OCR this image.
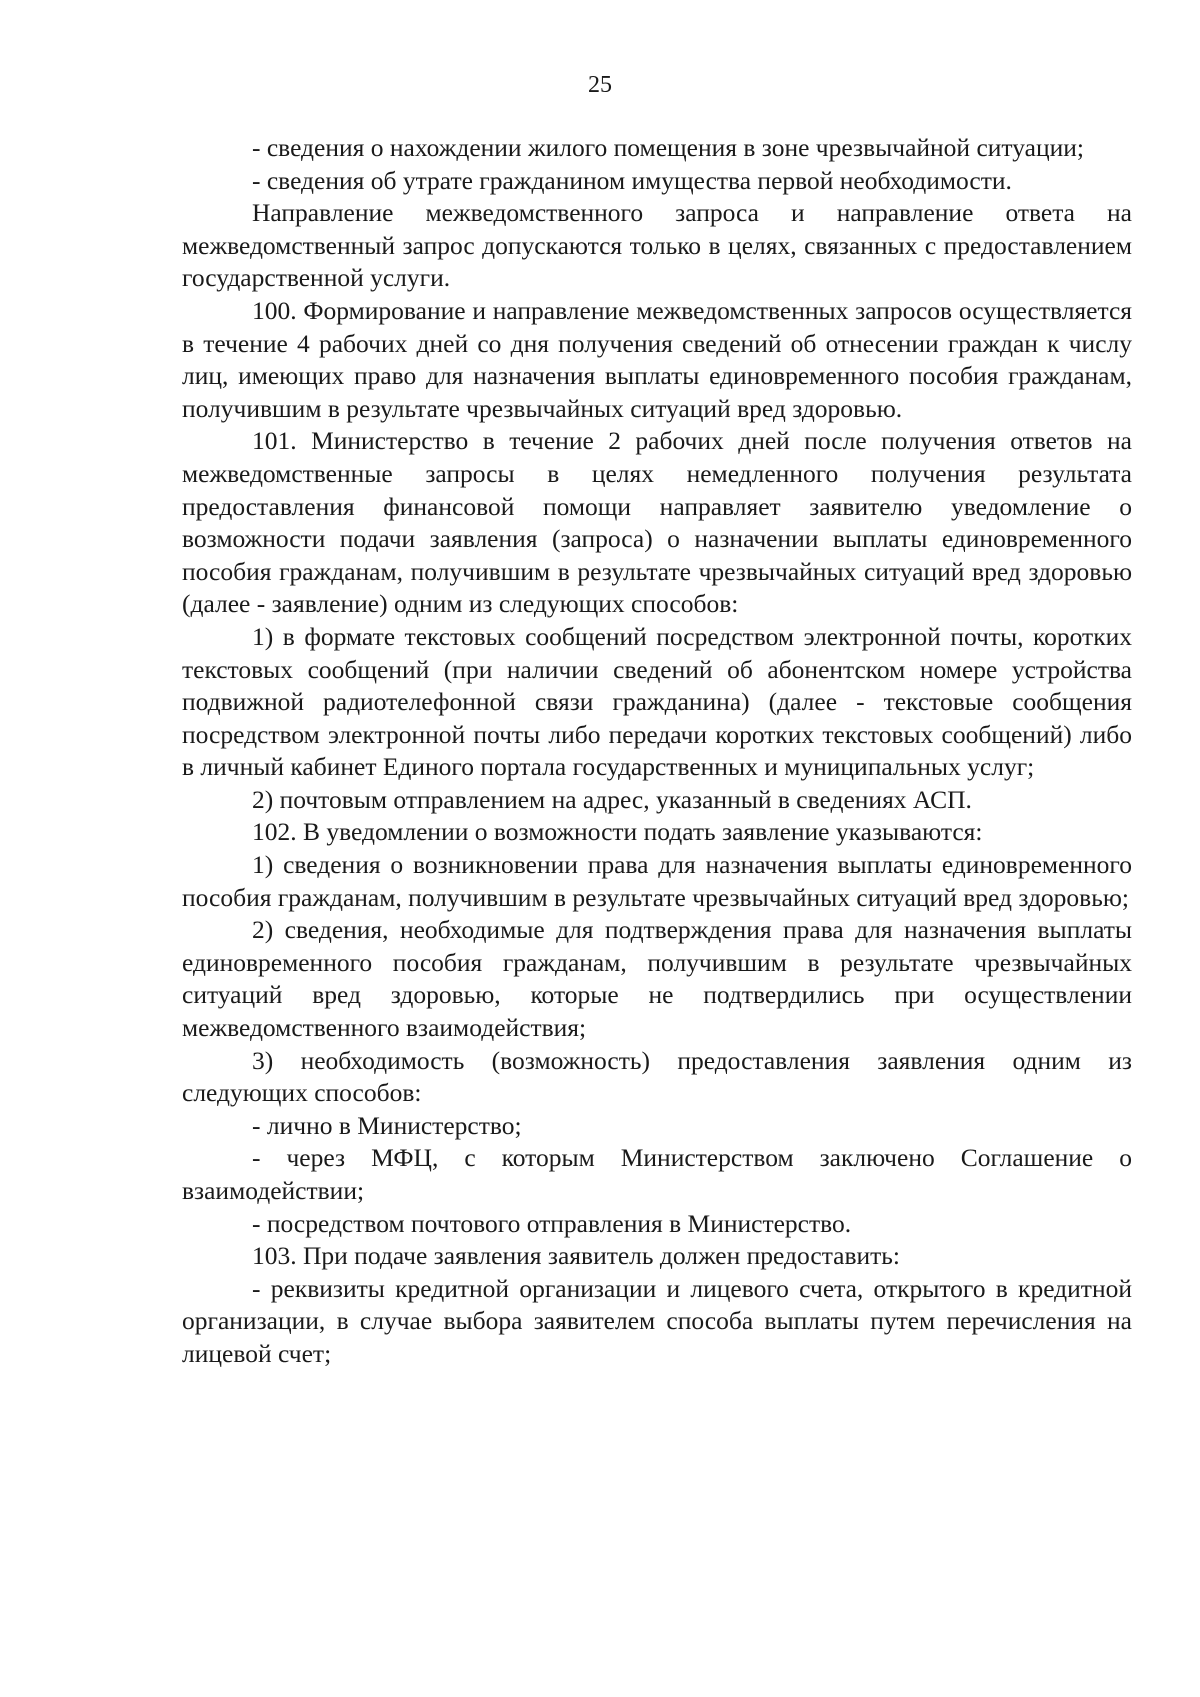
25

- сведения о нахождении жилого помещения в зоне чрезвычайной ситуации;

- сведения об утрате гражданином имущества первой необходимости.

Направление межведомственного запроса и направление ответа на межведомственный запрос допускаются только в целях, связанных с предоставлением государственной услуги.

100. Формирование и направление межведомственных запросов осуществляется в течение 4 рабочих дней со дня получения сведений об отнесении граждан к числу лиц, имеющих право для назначения выплаты единовременного пособия гражданам, получившим в результате чрезвычайных ситуаций вред здоровью.

101. Министерство в течение 2 рабочих дней после получения ответов на межведомственные запросы в целях немедленного получения результата предоставления финансовой помощи направляет заявителю уведомление о возможности подачи заявления (запроса) о назначении выплаты единовременного пособия гражданам, получившим в результате чрезвычайных ситуаций вред здоровью (далее - заявление) одним из следующих способов:

1) в формате текстовых сообщений посредством электронной почты, коротких текстовых сообщений (при наличии сведений об абонентском номере устройства подвижной радиотелефонной связи гражданина) (далее - текстовые сообщения посредством электронной почты либо передачи коротких текстовых сообщений) либо в личный кабинет Единого портала государственных и муниципальных услуг;

2) почтовым отправлением на адрес, указанный в сведениях АСП.

102. В уведомлении о возможности подать заявление указываются:

1) сведения о возникновении права для назначения выплаты единовременного пособия гражданам, получившим в результате чрезвычайных ситуаций вред здоровью;

2) сведения, необходимые для подтверждения права для назначения выплаты единовременного пособия гражданам, получившим в результате чрезвычайных ситуаций вред здоровью, которые не подтвердились при осуществлении межведомственного взаимодействия;

3) необходимость (возможность) предоставления заявления одним из следующих способов:

- лично в Министерство;

- через МФЦ, с которым Министерством заключено Соглашение о взаимодействии;

- посредством почтового отправления в Министерство.

103. При подаче заявления заявитель должен предоставить:

- реквизиты кредитной организации и лицевого счета, открытого в кредитной организации, в случае выбора заявителем способа выплаты путем перечисления на лицевой счет;
